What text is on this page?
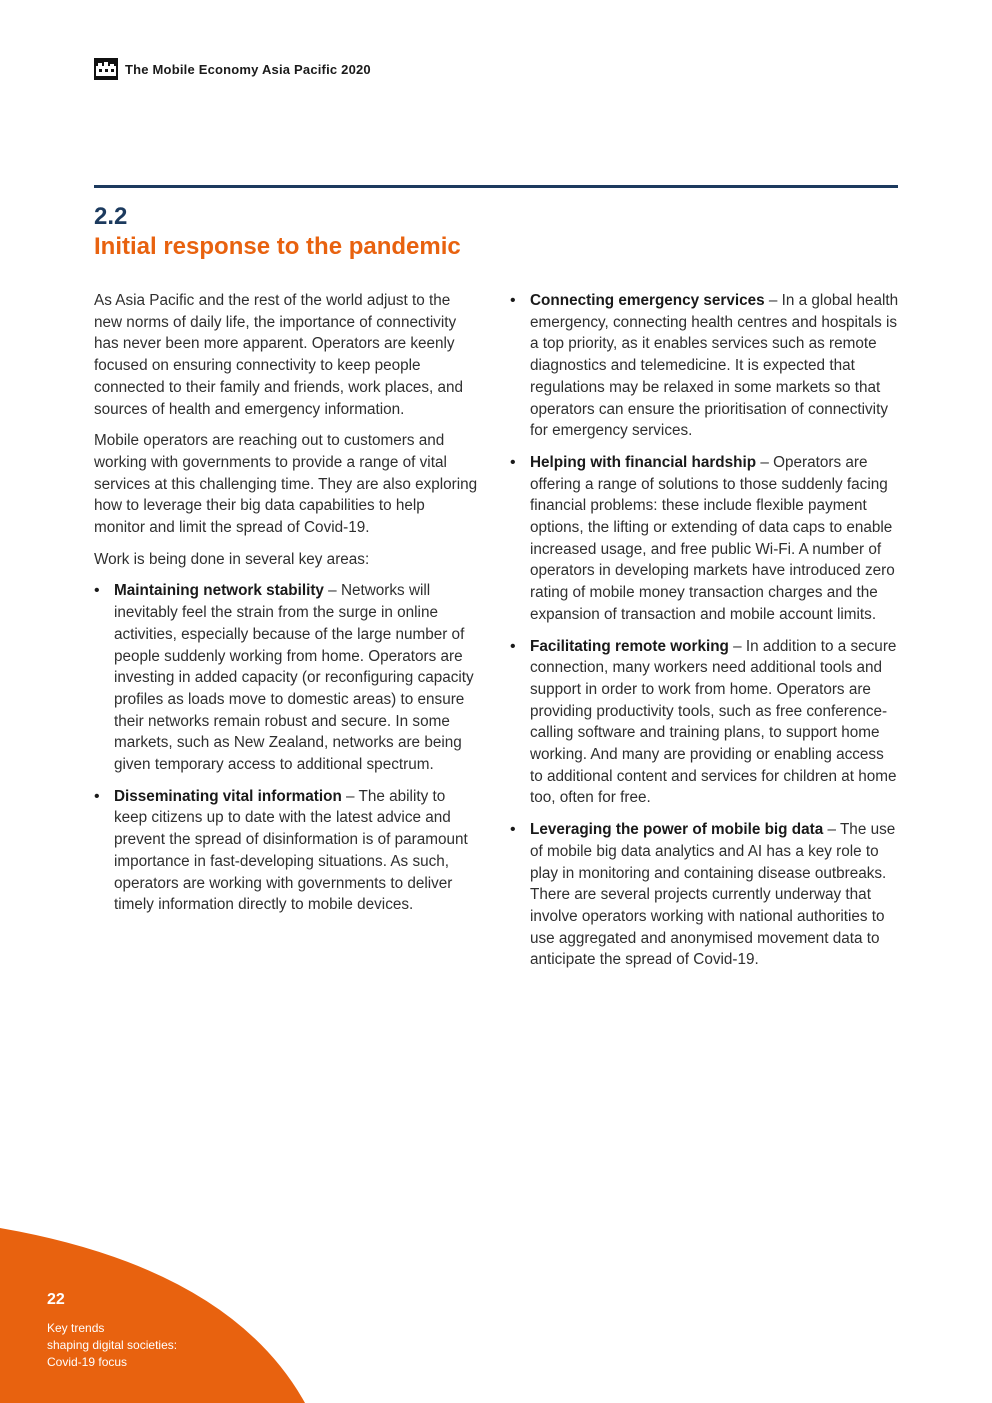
The Mobile Economy Asia Pacific 2020
2.2
Initial response to the pandemic

As Asia Pacific and the rest of the world adjust to the new norms of daily life, the importance of connectivity has never been more apparent. Operators are keenly focused on ensuring connectivity to keep people connected to their family and friends, work places, and sources of health and emergency information.

Mobile operators are reaching out to customers and working with governments to provide a range of vital services at this challenging time. They are also exploring how to leverage their big data capabilities to help monitor and limit the spread of Covid-19.

Work is being done in several key areas:

• Maintaining network stability – Networks will inevitably feel the strain from the surge in online activities, especially because of the large number of people suddenly working from home. Operators are investing in added capacity (or reconfiguring capacity profiles as loads move to domestic areas) to ensure their networks remain robust and secure. In some markets, such as New Zealand, networks are being given temporary access to additional spectrum.
• Disseminating vital information – The ability to keep citizens up to date with the latest advice and prevent the spread of disinformation is of paramount importance in fast-developing situations. As such, operators are working with governments to deliver timely information directly to mobile devices.
• Connecting emergency services – In a global health emergency, connecting health centres and hospitals is a top priority, as it enables services such as remote diagnostics and telemedicine. It is expected that regulations may be relaxed in some markets so that operators can ensure the prioritisation of connectivity for emergency services.
• Helping with financial hardship – Operators are offering a range of solutions to those suddenly facing financial problems: these include flexible payment options, the lifting or extending of data caps to enable increased usage, and free public Wi-Fi. A number of operators in developing markets have introduced zero rating of mobile money transaction charges and the expansion of transaction and mobile account limits.
• Facilitating remote working – In addition to a secure connection, many workers need additional tools and support in order to work from home. Operators are providing productivity tools, such as free conference-calling software and training plans, to support home working. And many are providing or enabling access to additional content and services for children at home too, often for free.
• Leveraging the power of mobile big data – The use of mobile big data analytics and AI has a key role to play in monitoring and containing disease outbreaks. There are several projects currently underway that involve operators working with national authorities to use aggregated and anonymised movement data to anticipate the spread of Covid-19.
22
Key trends
shaping digital societies:
Covid-19 focus
